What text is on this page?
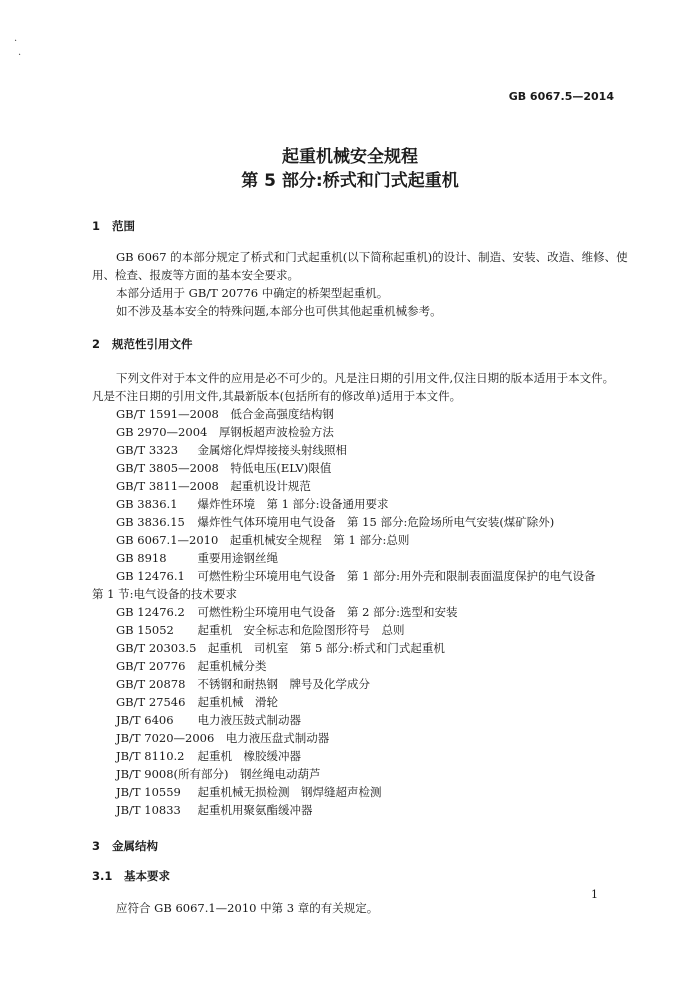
·
·
GB 6067.5—2014
起重机械安全规程
第 5 部分:桥式和门式起重机
1 范围
GB 6067 的本部分规定了桥式和门式起重机(以下简称起重机)的设计、制造、安装、改造、维修、使
用、检查、报废等方面的基本安全要求。
本部分适用于 GB/T 20776 中确定的桥架型起重机。
如不涉及基本安全的特殊问题,本部分也可供其他起重机械参考。
2 规范性引用文件
下列文件对于本文件的应用是必不可少的。凡是注日期的引用文件,仅注日期的版本适用于本文件。
凡是不注日期的引用文件,其最新版本(包括所有的修改单)适用于本文件。
GB/T 1591—2008　 低合金高强度结构钢
GB 2970—2004　 厚钢板超声波检验方法
GB/T 3323　 金属熔化焊焊接接头射线照相
GB/T 3805—2008　 特低电压(ELV)限值
GB/T 3811—2008　 起重机设计规范
GB 3836.1　 爆炸性环境　第 1 部分:设备通用要求
GB 3836.15　 爆炸性气体环境用电气设备　第 15 部分:危险场所电气安装(煤矿除外)
GB 6067.1—2010　 起重机械安全规程　第 1 部分:总则
GB 8918　	重要用途钢丝绳
GB 12476.1　 可燃性粉尘环境用电气设备　第 1 部分:用外壳和限制表面温度保护的电气设备
第 1 节:电气设备的技术要求
GB 12476.2　 可燃性粉尘环境用电气设备　第 2 部分:选型和安装
GB 15052　 起重机　安全标志和危险图形符号　总则
GB/T 20303.5　 起重机　司机室　第 5 部分:桥式和门式起重机
GB/T 20776　 起重机械分类
GB/T 20878　 不锈钢和耐热钢　牌号及化学成分
GB/T 27546　 起重机械　滑轮
JB/T 6406　 电力液压鼓式制动器
JB/T 7020—2006　 电力液压盘式制动器
JB/T 8110.2　 起重机　橡胶缓冲器
JB/T 9008(所有部分)　 钢丝绳电动葫芦
JB/T 10559　 起重机械无损检测　钢焊缝超声检测
JB/T 10833　 起重机用聚氨酯缓冲器
3 金属结构
3.1 基本要求
应符合 GB 6067.1—2010 中第 3 章的有关规定。
1
